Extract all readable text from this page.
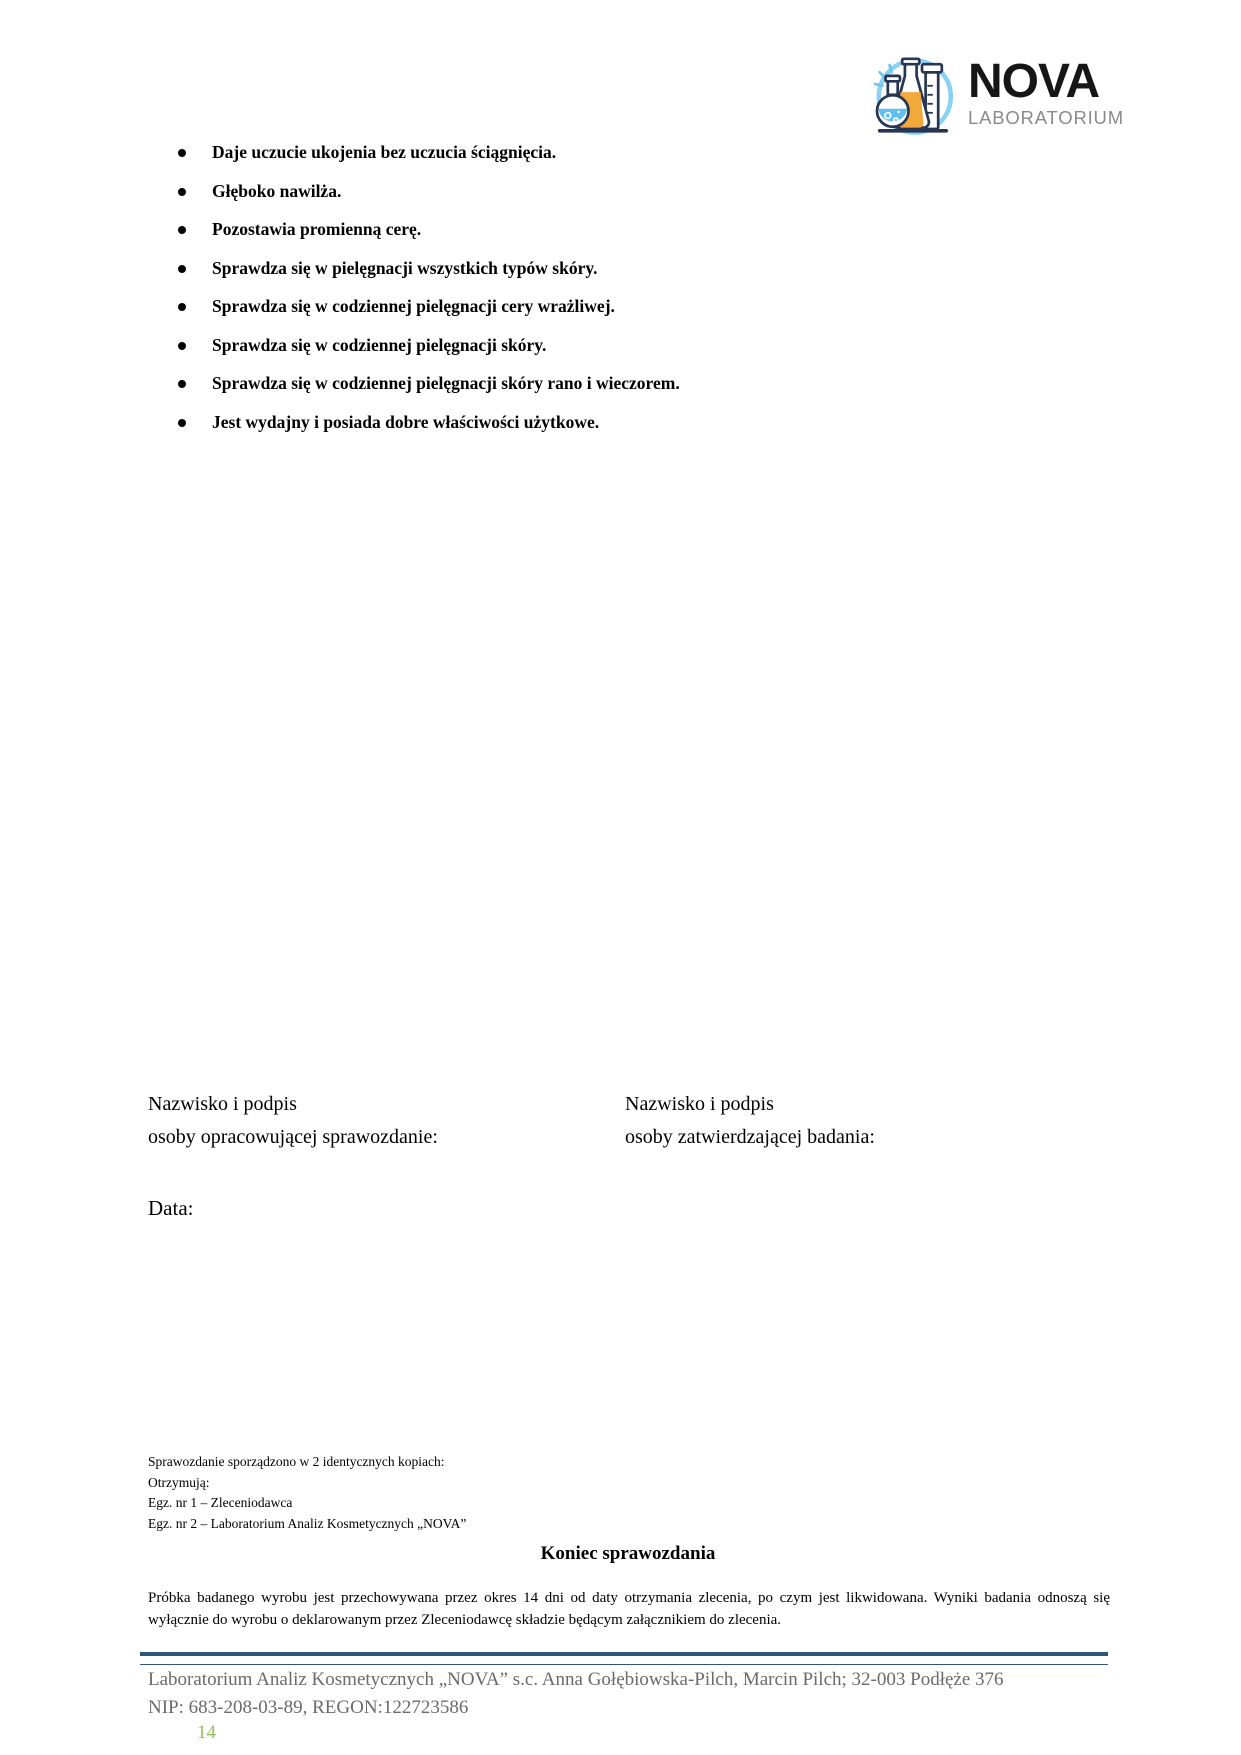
NOVA
LABORATORIUM
Daje uczucie ukojenia bez uczucia ściągnięcia.
Głęboko nawilża.
Pozostawia promienną cerę.
Sprawdza się w pielęgnacji wszystkich typów skóry.
Sprawdza się w codziennej pielęgnacji cery wrażliwej.
Sprawdza się w codziennej pielęgnacji skóry.
Sprawdza się w codziennej pielęgnacji skóry rano i wieczorem.
Jest wydajny i posiada dobre właściwości użytkowe.
Nazwisko i podpis
osoby opracowującej sprawozdanie:
Nazwisko i podpis
osoby zatwierdzającej badania:
Data:
Sprawozdanie sporządzono w 2 identycznych kopiach:
Otrzymują:
Egz. nr 1 – Zleceniodawca
Egz. nr 2 – Laboratorium Analiz Kosmetycznych „NOVA”
Koniec sprawozdania
Próbka badanego wyrobu jest przechowywana przez okres 14 dni od daty otrzymania zlecenia, po czym jest likwidowana. Wyniki badania odnoszą się wyłącznie do wyrobu o deklarowanym przez Zleceniodawcę składzie będącym załącznikiem do zlecenia.
Laboratorium Analiz Kosmetycznych „NOVA” s.c. Anna Gołębiowska-Pilch, Marcin Pilch; 32-003 Podłęże 376
NIP: 683-208-03-89, REGON:122723586
14
